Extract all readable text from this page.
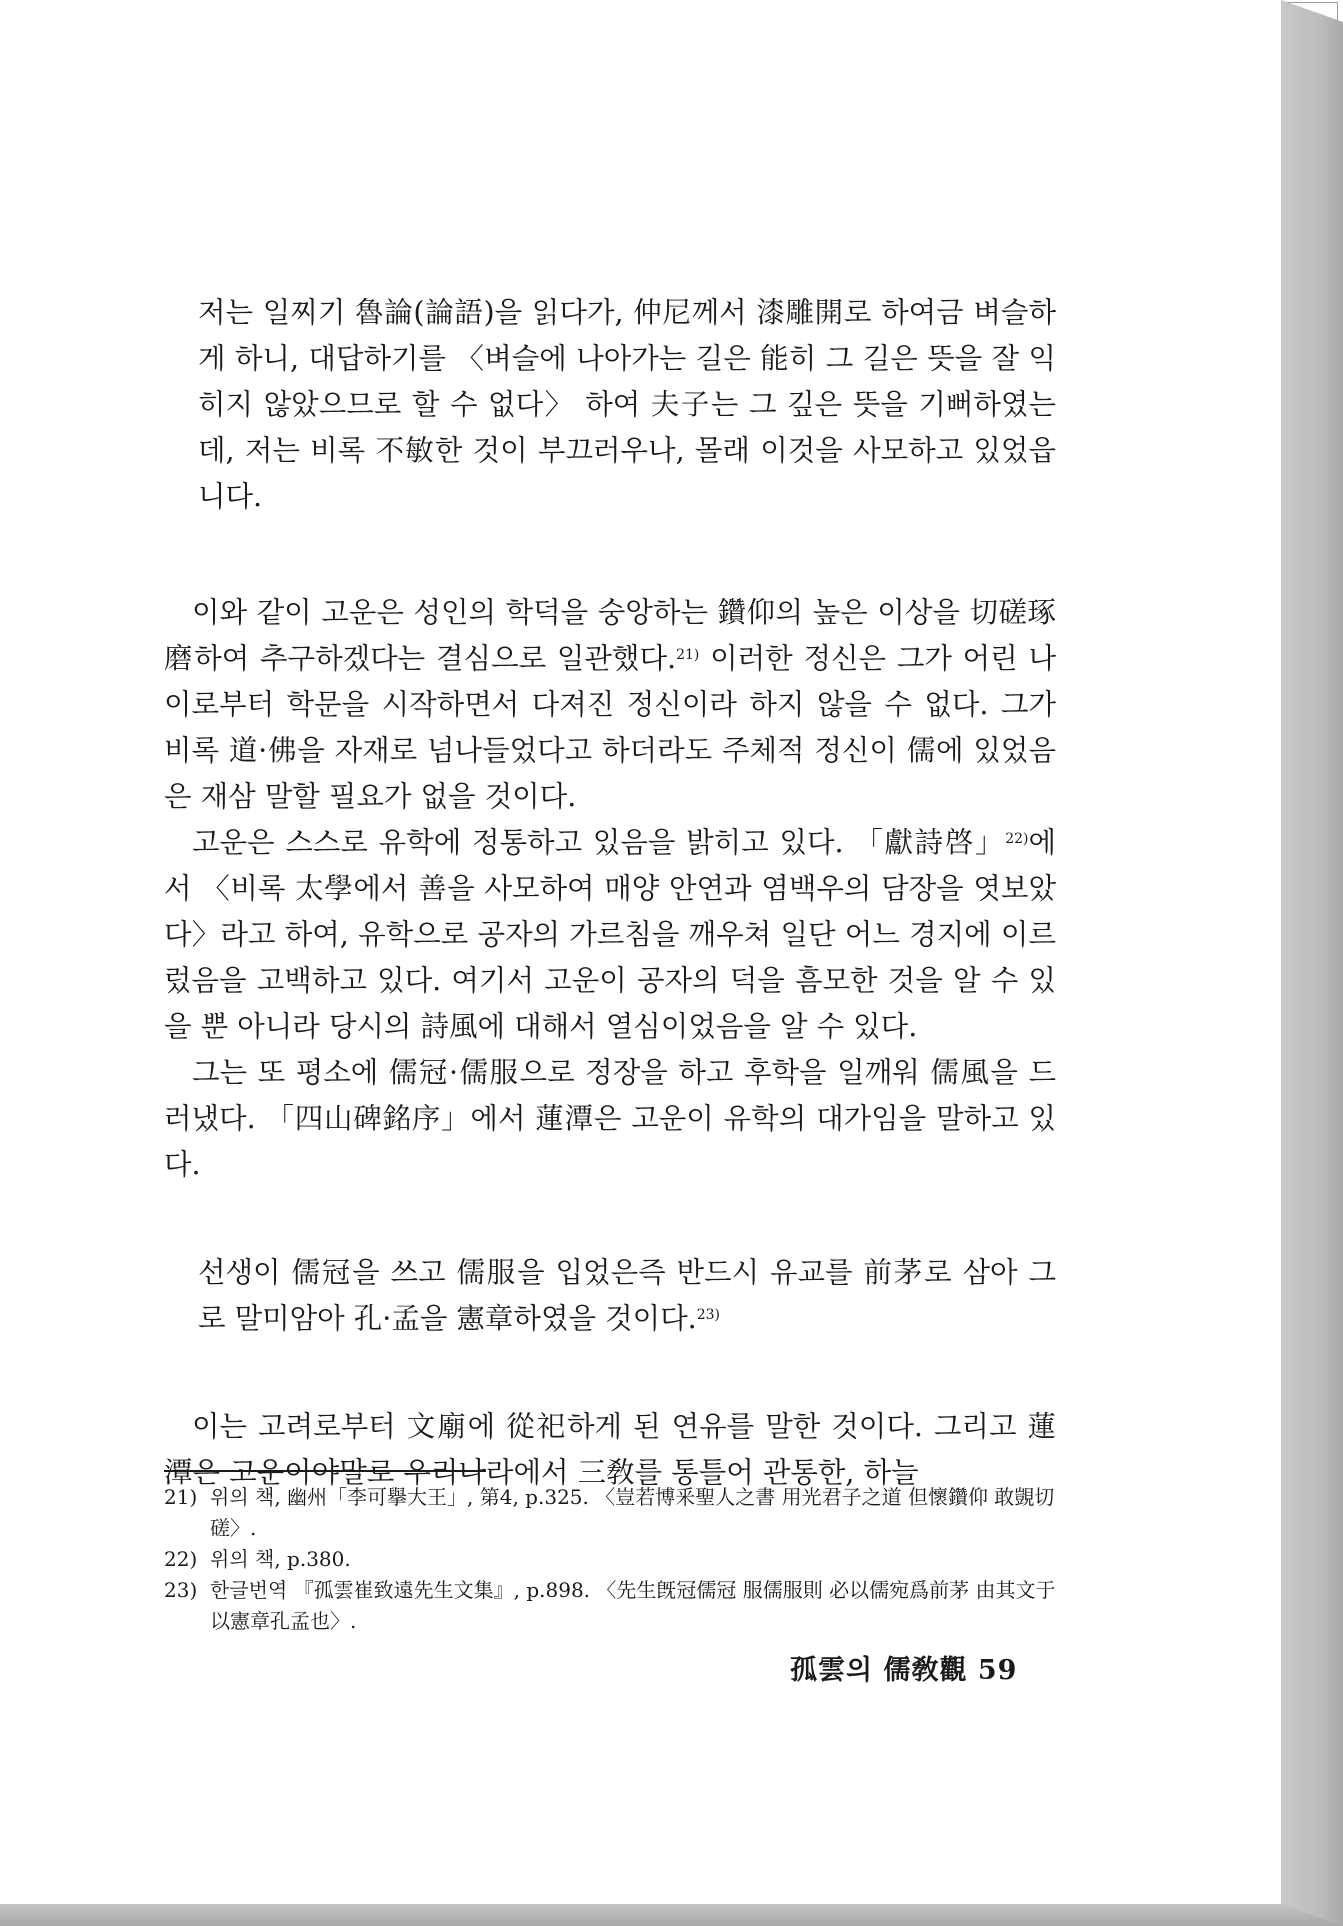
저는 일찌기 魯論(論語)을 읽다가, 仲尼께서 漆雕開로 하여금 벼슬하게 하니, 대답하기를 〈벼슬에 나아가는 길은 能히 그 길은 뜻을 잘 익히지 않았으므로 할 수 없다〉 하여 夫子는 그 깊은 뜻을 기뻐하였는데, 저는 비록 不敏한 것이 부끄러우나, 몰래 이것을 사모하고 있었읍니다.
이와 같이 고운은 성인의 학덕을 숭앙하는 鑽仰의 높은 이상을 切磋琢磨하여 추구하겠다는 결심으로 일관했다.$^{21)}$ 이러한 정신은 그가 어린 나이로부터 학문을 시작하면서 다져진 정신이라 하지 않을 수 없다. 그가 비록 道·佛을 자재로 넘나들었다고 하더라도 주체적 정신이 儒에 있었음은 재삼 말할 필요가 없을 것이다.
고운은 스스로 유학에 정통하고 있음을 밝히고 있다. 「獻詩啓」$^{22)}$에서 〈비록 太學에서 善을 사모하여 매양 안연과 염백우의 담장을 엿보았다〉라고 하여, 유학으로 공자의 가르침을 깨우쳐 일단 어느 경지에 이르렀음을 고백하고 있다. 여기서 고운이 공자의 덕을 흠모한 것을 알 수 있을 뿐 아니라 당시의 詩風에 대해서 열심이었음을 알 수 있다.
그는 또 평소에 儒冠·儒服으로 정장을 하고 후학을 일깨워 儒風을 드러냈다. 「四山碑銘序」에서 蓮潭은 고운이 유학의 대가임을 말하고 있다.
선생이 儒冠을 쓰고 儒服을 입었은즉 반드시 유교를 前茅로 삼아 그로 말미암아 孔·孟을 憲章하였을 것이다.$^{23)}$
이는 고려로부터 文廟에 從祀하게 된 연유를 말한 것이다. 그리고 蓮潭은 고운이야말로 우리나라에서 三敎를 통틀어 관통한, 하늘
21) 위의 책, 幽州「李可擧大王」, 第4, p.325. 〈豈若博釆聖人之書 用光君子之道 但懷鑽仰 敢覬切磋〉.
22) 위의 책, p.380.
23) 한글번역 『孤雲崔致遠先生文集』, p.898. 〈先生旣冠儒冠 服儒服則 必以儒宛爲前茅 由其文于以憲章孔孟也〉.
孤雲의 儒敎觀 59
